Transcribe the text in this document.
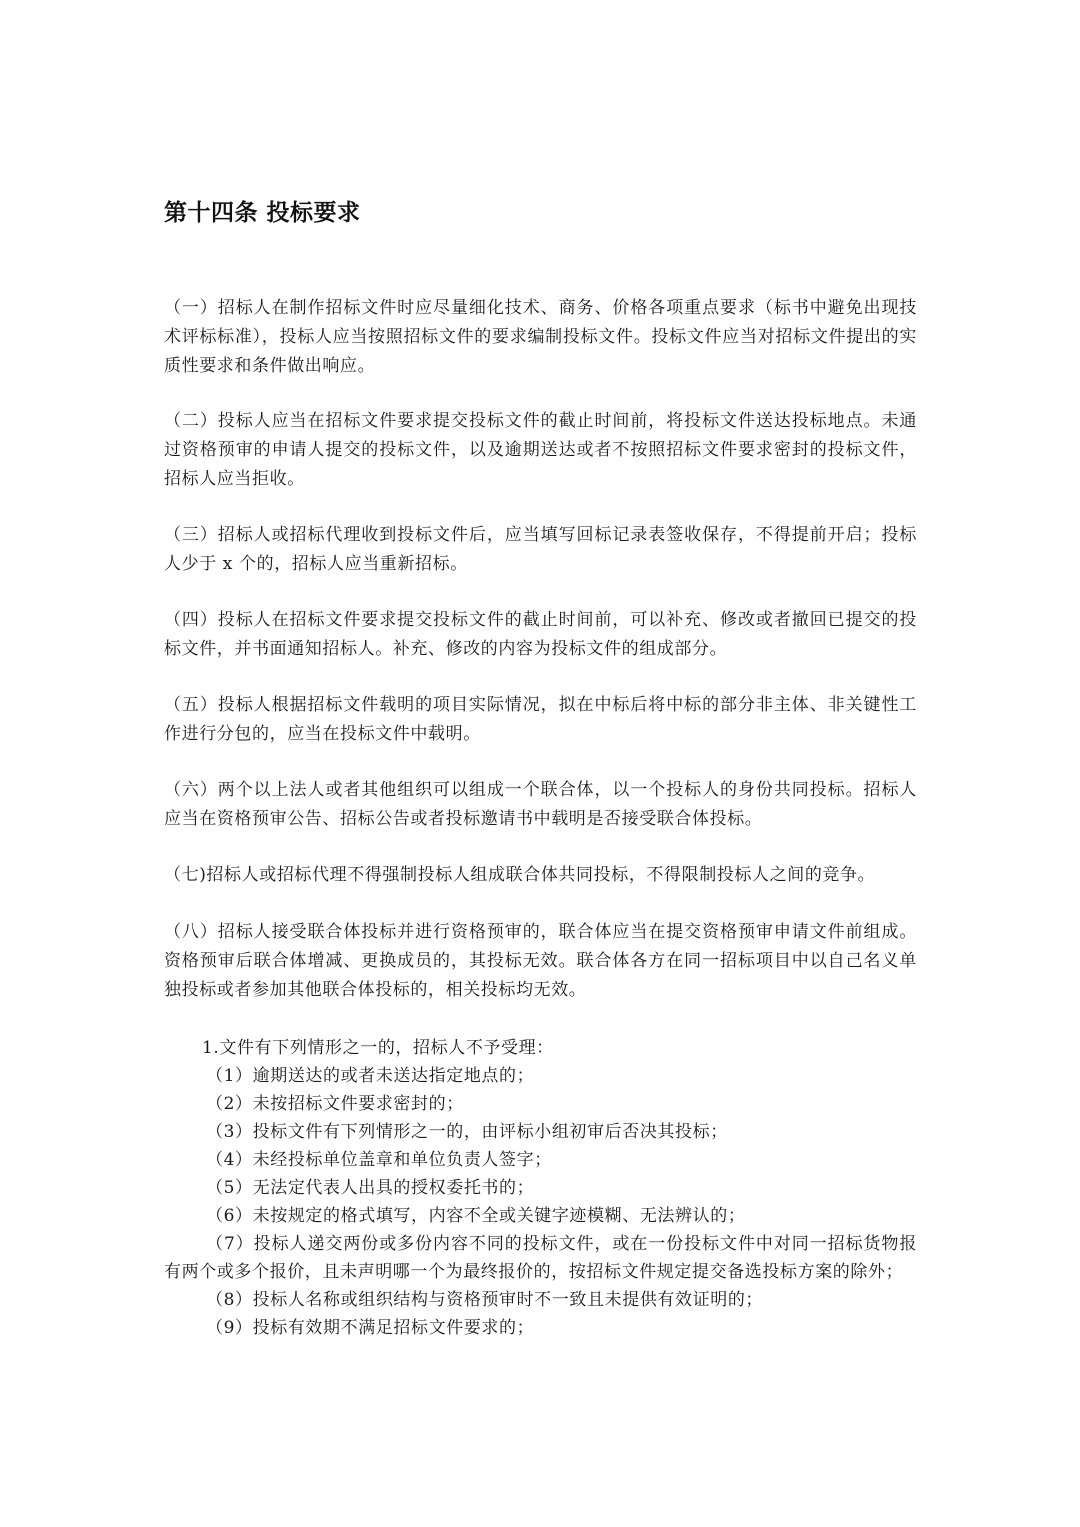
第十四条 投标要求

（一）招标人在制作招标文件时应尽量细化技术、商务、价格各项重点要求（标书中避免出现技术评标标准），投标人应当按照招标文件的要求编制投标文件。投标文件应当对招标文件提出的实质性要求和条件做出响应。

（二）投标人应当在招标文件要求提交投标文件的截止时间前，将投标文件送达投标地点。未通过资格预审的申请人提交的投标文件，以及逾期送达或者不按照招标文件要求密封的投标文件，招标人应当拒收。

（三）招标人或招标代理收到投标文件后，应当填写回标记录表签收保存，不得提前开启；投标人少于 x 个的，招标人应当重新招标。

（四）投标人在招标文件要求提交投标文件的截止时间前，可以补充、修改或者撤回已提交的投标文件，并书面通知招标人。补充、修改的内容为投标文件的组成部分。

（五）投标人根据招标文件载明的项目实际情况，拟在中标后将中标的部分非主体、非关键性工作进行分包的，应当在投标文件中载明。

（六）两个以上法人或者其他组织可以组成一个联合体，以一个投标人的身份共同投标。招标人应当在资格预审公告、招标公告或者投标邀请书中载明是否接受联合体投标。

（七)招标人或招标代理不得强制投标人组成联合体共同投标，不得限制投标人之间的竞争。

（八）招标人接受联合体投标并进行资格预审的，联合体应当在提交资格预审申请文件前组成。资格预审后联合体增减、更换成员的，其投标无效。联合体各方在同一招标项目中以自己名义单独投标或者参加其他联合体投标的，相关投标均无效。

1.文件有下列情形之一的，招标人不予受理：

（1）逾期送达的或者未送达指定地点的；

（2）未按招标文件要求密封的；

（3）投标文件有下列情形之一的，由评标小组初审后否决其投标；

（4）未经投标单位盖章和单位负责人签字；

（5）无法定代表人出具的授权委托书的；

（6）未按规定的格式填写，内容不全或关键字迹模糊、无法辨认的；

（7）投标人递交两份或多份内容不同的投标文件，或在一份投标文件中对同一招标货物报有两个或多个报价，且未声明哪一个为最终报价的，按招标文件规定提交备选投标方案的除外；

（8）投标人名称或组织结构与资格预审时不一致且未提供有效证明的；

（9）投标有效期不满足招标文件要求的；
